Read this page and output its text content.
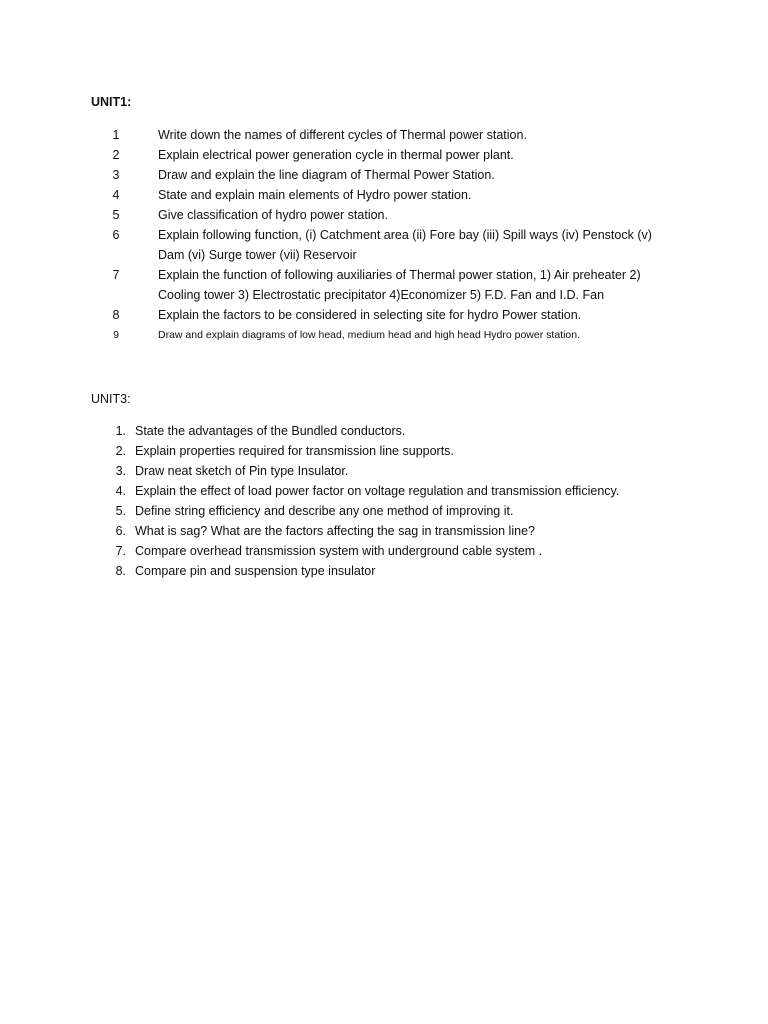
UNIT1:
1	Write down the names of different cycles of Thermal power station.
2	Explain electrical power generation cycle in thermal power plant.
3	Draw and explain the line diagram of Thermal Power Station.
4	State and explain main elements of Hydro power station.
5	Give classification of hydro power station.
6	Explain following function, (i) Catchment area (ii) Fore bay (iii) Spill ways (iv) Penstock (v) Dam (vi) Surge tower (vii) Reservoir
7	Explain the function of following auxiliaries of Thermal power station, 1) Air preheater 2) Cooling tower 3) Electrostatic precipitator 4)Economizer 5) F.D. Fan and I.D. Fan
8	Explain the factors to be considered in selecting site for hydro Power station.
9	Draw and explain diagrams of low head, medium head and high head Hydro power station.
UNIT3:
1. State the advantages of the Bundled conductors.
2. Explain properties required for transmission line supports.
3. Draw neat sketch of Pin type Insulator.
4. Explain the effect of load power factor on voltage regulation and transmission efficiency.
5. Define string efficiency and describe any one method of improving it.
6. What is sag? What are the factors affecting the sag in transmission line?
7. Compare overhead transmission system with underground cable system .
8. Compare pin and suspension type insulator
